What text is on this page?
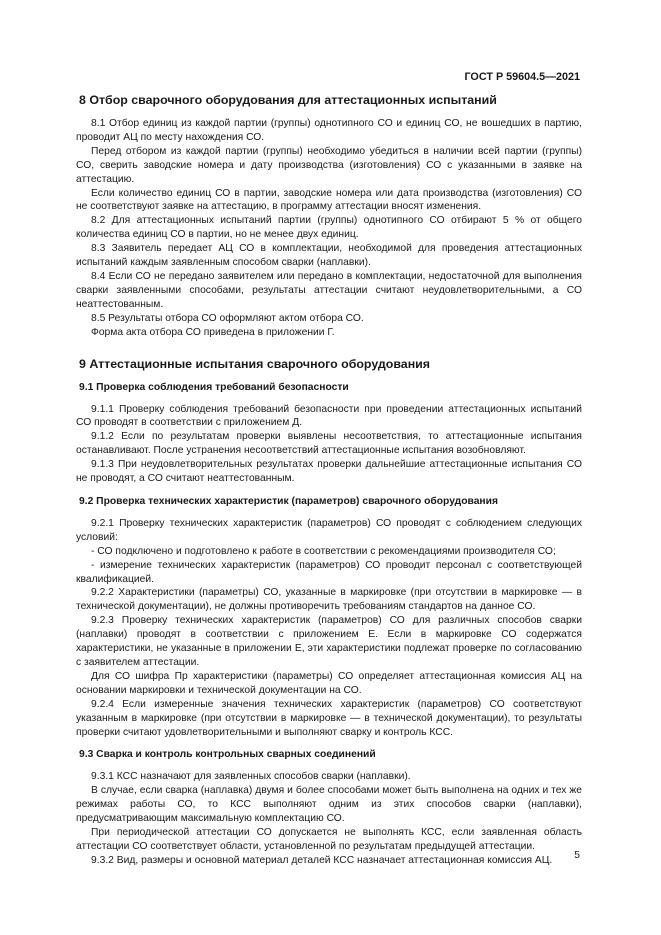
ГОСТ Р 59604.5—2021
8 Отбор сварочного оборудования для аттестационных испытаний

8.1 Отбор единиц из каждой партии (группы) однотипного СО и единиц СО, не вошедших в партию, проводит АЦ по месту нахождения СО.

Перед отбором из каждой партии (группы) необходимо убедиться в наличии всей партии (группы) СО, сверить заводские номера и дату производства (изготовления) СО с указанными в заявке на аттестацию.

Если количество единиц СО в партии, заводские номера или дата производства (изготовления) СО не соответствуют заявке на аттестацию, в программу аттестации вносят изменения.

8.2 Для аттестационных испытаний партии (группы) однотипного СО отбирают 5 % от общего количества единиц СО в партии, но не менее двух единиц.

8.3 Заявитель передает АЦ СО в комплектации, необходимой для проведения аттестационных испытаний каждым заявленным способом сварки (наплавки).

8.4 Если СО не передано заявителем или передано в комплектации, недостаточной для выполнения сварки заявленными способами, результаты аттестации считают неудовлетворительными, а СО неаттестованным.

8.5 Результаты отбора СО оформляют актом отбора СО.

Форма акта отбора СО приведена в приложении Г.

9 Аттестационные испытания сварочного оборудования
9.1 Проверка соблюдения требований безопасности

9.1.1 Проверку соблюдения требований безопасности при проведении аттестационных испытаний СО проводят в соответствии с приложением Д.

9.1.2 Если по результатам проверки выявлены несоответствия, то аттестационные испытания останавливают. После устранения несоответствий аттестационные испытания возобновляют.

9.1.3 При неудовлетворительных результатах проверки дальнейшие аттестационные испытания СО не проводят, а СО считают неаттестованным.

9.2 Проверка технических характеристик (параметров) сварочного оборудования

9.2.1 Проверку технических характеристик (параметров) СО проводят с соблюдением следующих условий:

- СО подключено и подготовлено к работе в соответствии с рекомендациями производителя СО;

- измерение технических характеристик (параметров) СО проводит персонал с соответствующей квалификацией.

9.2.2 Характеристики (параметры) СО, указанные в маркировке (при отсутствии в маркировке — в технической документации), не должны противоречить требованиям стандартов на данное СО.

9.2.3 Проверку технических характеристик (параметров) СО для различных способов сварки (наплавки) проводят в соответствии с приложением Е. Если в маркировке СО содержатся характеристики, не указанные в приложении Е, эти характеристики подлежат проверке по согласованию с заявителем аттестации.

Для СО шифра Пр характеристики (параметры) СО определяет аттестационная комиссия АЦ на основании маркировки и технической документации на СО.

9.2.4 Если измеренные значения технических характеристик (параметров) СО соответствуют указанным в маркировке (при отсутствии в маркировке — в технической документации), то результаты проверки считают удовлетворительными и выполняют сварку и контроль КСС.

9.3 Сварка и контроль контрольных сварных соединений

9.3.1 КСС назначают для заявленных способов сварки (наплавки).

В случае, если сварка (наплавка) двумя и более способами может быть выполнена на одних и тех же режимах работы СО, то КСС выполняют одним из этих способов сварки (наплавки), предусматривающим максимальную комплектацию СО.

При периодической аттестации СО допускается не выполнять КСС, если заявленная область аттестации СО соответствует области, установленной по результатам предыдущей аттестации.

9.3.2 Вид, размеры и основной материал деталей КСС назначает аттестационная комиссия АЦ.	5
